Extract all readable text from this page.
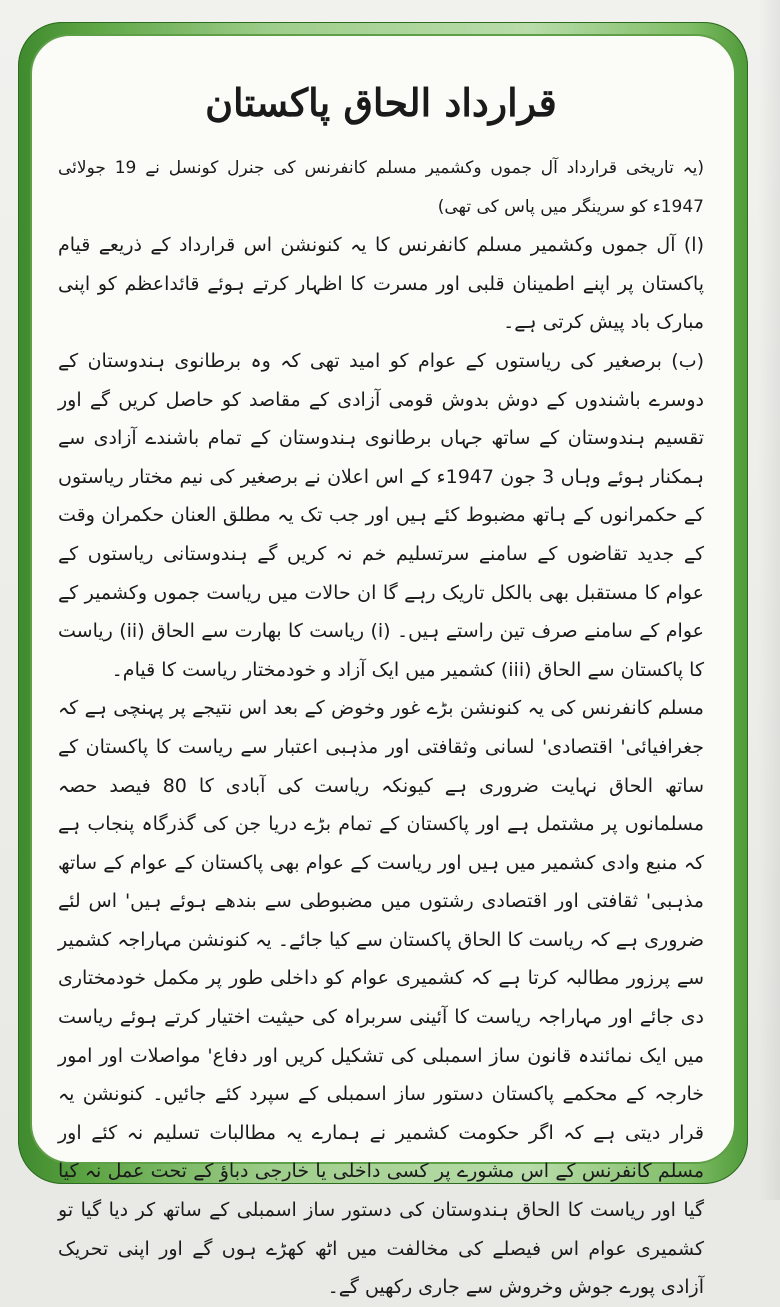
قرارداد الحاق پاکستان

(یہ تاریخی قرارداد آل جموں وکشمیر مسلم کانفرنس کی جنرل کونسل نے 19 جولائی 1947ء کو سرینگر میں پاس کی تھی)

(ا) آل جموں وکشمیر مسلم کانفرنس کا یہ کنونشن اس قرارداد کے ذریعے قیام پاکستان پر اپنے اطمینان قلبی اور مسرت کا اظہار کرتے ہوئے قائداعظم کو اپنی مبارک باد پیش کرتی ہے۔

(ب) برصغیر کی ریاستوں کے عوام کو امید تھی کہ وہ برطانوی ہندوستان کے دوسرے باشندوں کے دوش بدوش قومی آزادی کے مقاصد کو حاصل کریں گے اور تقسیم ہندوستان کے ساتھ جہاں برطانوی ہندوستان کے تمام باشندے آزادی سے ہمکنار ہوئے وہاں 3 جون 1947ء کے اس اعلان نے برصغیر کی نیم مختار ریاستوں کے حکمرانوں کے ہاتھ مضبوط کئے ہیں اور جب تک یہ مطلق العنان حکمران وقت کے جدید تقاضوں کے سامنے سرتسلیم خم نہ کریں گے ہندوستانی ریاستوں کے عوام کا مستقبل بھی بالکل تاریک رہے گا ان حالات میں ریاست جموں وکشمیر کے عوام کے سامنے صرف تین راستے ہیں۔ (i) ریاست کا بھارت سے الحاق (ii) ریاست کا پاکستان سے الحاق (iii) کشمیر میں ایک آزاد و خودمختار ریاست کا قیام۔

مسلم کانفرنس کی یہ کنونشن بڑے غور وخوض کے بعد اس نتیجے پر پہنچی ہے کہ جغرافیائی' اقتصادی' لسانی وثقافتی اور مذہبی اعتبار سے ریاست کا پاکستان کے ساتھ الحاق نہایت ضروری ہے کیونکہ ریاست کی آبادی کا 80 فیصد حصہ مسلمانوں پر مشتمل ہے اور پاکستان کے تمام بڑے دریا جن کی گذرگاہ پنجاب ہے کہ منبع وادی کشمیر میں ہیں اور ریاست کے عوام بھی پاکستان کے عوام کے ساتھ مذہبی' ثقافتی اور اقتصادی رشتوں میں مضبوطی سے بندھے ہوئے ہیں' اس لئے ضروری ہے کہ ریاست کا الحاق پاکستان سے کیا جائے۔ یہ کنونشن مہاراجہ کشمیر سے پرزور مطالبہ کرتا ہے کہ کشمیری عوام کو داخلی طور پر مکمل خودمختاری دی جائے اور مہاراجہ ریاست کا آئینی سربراہ کی حیثیت اختیار کرتے ہوئے ریاست میں ایک نمائندہ قانون ساز اسمبلی کی تشکیل کریں اور دفاع' مواصلات اور امور خارجہ کے محکمے پاکستان دستور ساز اسمبلی کے سپرد کئے جائیں۔ کنونشن یہ قرار دیتی ہے کہ اگر حکومت کشمیر نے ہمارے یہ مطالبات تسلیم نہ کئے اور مسلم کانفرنس کے اس مشورے پر کسی داخلی یا خارجی دباؤ کے تحت عمل نہ کیا گیا اور ریاست کا الحاق ہندوستان کی دستور ساز اسمبلی کے ساتھ کر دیا گیا تو کشمیری عوام اس فیصلے کی مخالفت میں اٹھ کھڑے ہوں گے اور اپنی تحریک آزادی پورے جوش وخروش سے جاری رکھیں گے۔
